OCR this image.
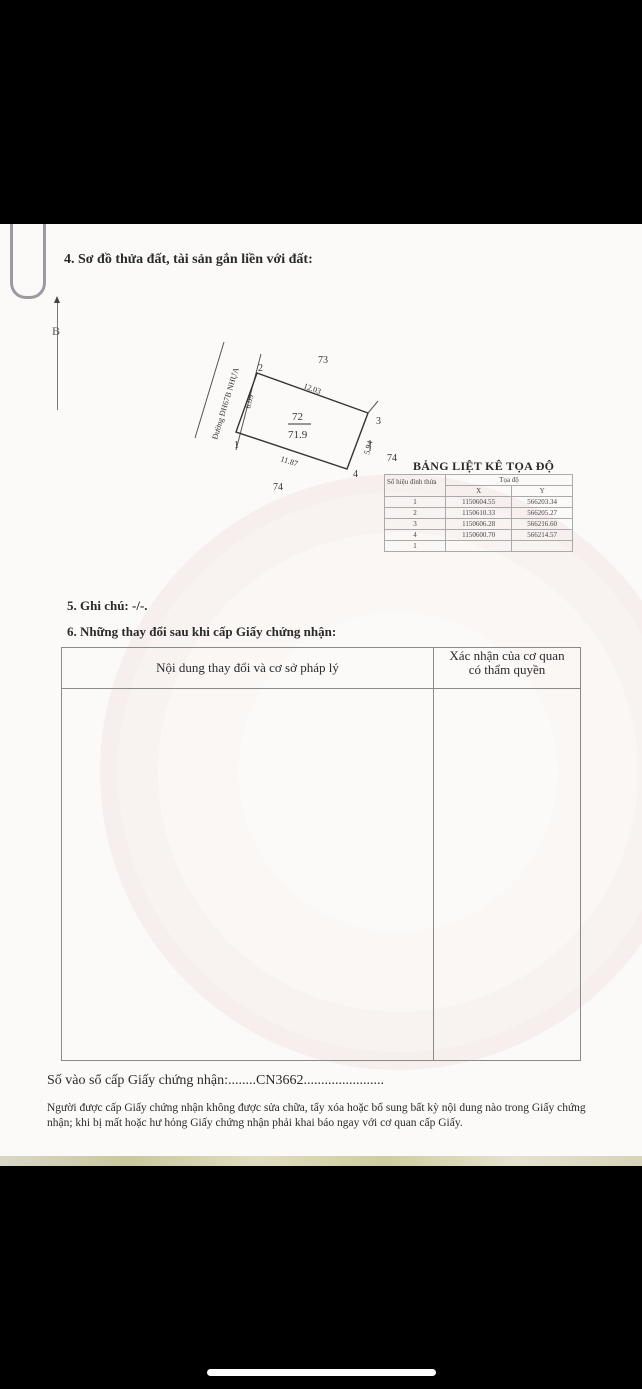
4. Sơ đồ thửa đất, tài sản gắn liền với đất:
B
Đường ĐH67B NHỰA	72
71.9
73
74
74
2
1
3
4
6.09
12.03
5.94
11.87	BẢNG LIỆT KÊ TỌA ĐỘ
Số hiệu đỉnh thửa	Tọa độ	
	X	Y
1	1150604.55	566203.34
2	1150610.33	566205.27
3	1150606.28	566216.60
4	1150600.70	566214.57
1		
5. Ghi chú: -/-.
6. Những thay đổi sau khi cấp Giấy chứng nhận:
Nội dung thay đổi và cơ sở pháp lý
Xác nhận của cơ quan
có thẩm quyền
Số vào sổ cấp Giấy chứng nhận:........CN3662.......................
Người được cấp Giấy chứng nhận không được sửa chữa, tẩy xóa hoặc bổ sung bất kỳ nội dung nào trong Giấy chứng nhận; khi bị mất hoặc hư hỏng Giấy chứng nhận phải khai báo ngay với cơ quan cấp Giấy.
